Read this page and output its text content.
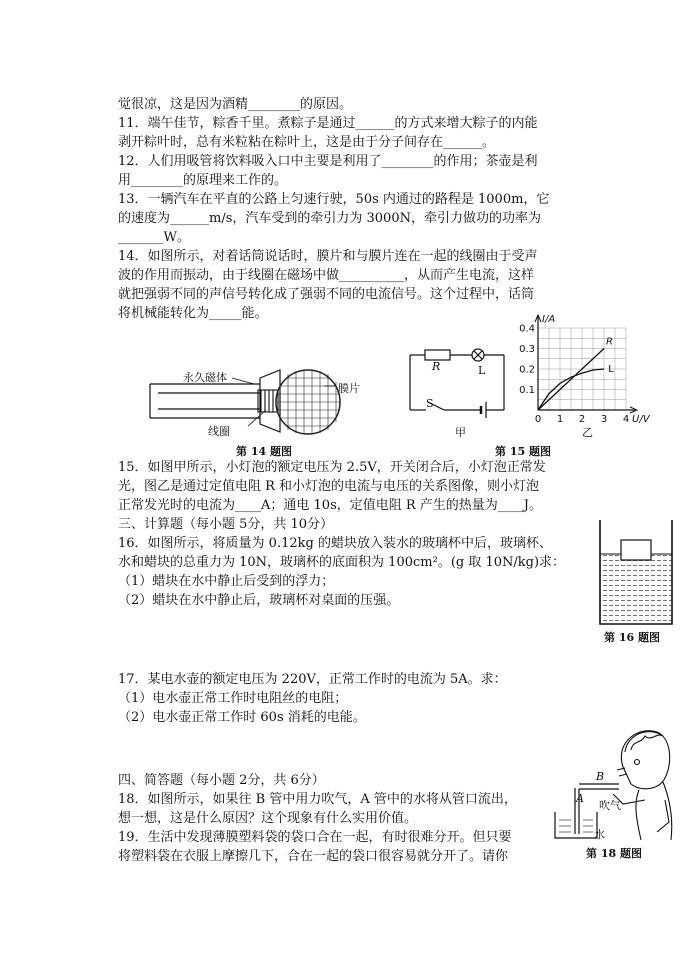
觉很凉，这是因为酒精________的原因。
11．端午佳节，粽香千里。煮粽子是通过______的方式来增大粽子的内能
剥开粽叶时，总有米粒粘在粽叶上，这是由于分子间存在______。
12．人们用吸管将饮料吸入口中主要是利用了________的作用；茶壶是利
用________的原理来工作的。
13．一辆汽车在平直的公路上匀速行驶，50s 内通过的路程是 1000m，它
的速度为______m/s，汽车受到的牵引力为 3000N，牵引力做功的功率为
_______W。
14．如图所示，对着话筒说话时，膜片和与膜片连在一起的线圈由于受声
波的作用而振动，由于线圈在磁场中做__________，从而产生电流，这样
就把强弱不同的声信号转化成了强弱不同的电流信号。这个过程中，话筒
将机械能转化为_____能。
15．如图甲所示，小灯泡的额定电压为 2.5V，开关闭合后，小灯泡正常发
光，图乙是通过定值电阻 R 和小灯泡的电流与电压的关系图像，则小灯泡
正常发光时的电流为____A；通电 10s，定值电阻 R 产生的热量为____J。
三、计算题（每小题 5分，共 10分）
16．如图所示，将质量为 0.12kg 的蜡块放入装水的玻璃杯中后，玻璃杯、
水和蜡块的总重力为 10N，玻璃杯的底面积为 100cm²。(g 取 10N/kg)求：
（1）蜡块在水中静止后受到的浮力；
（2）蜡块在水中静止后，玻璃杯对桌面的压强。
17．某电水壶的额定电压为 220V，正常工作时的电流为 5A。求：
（1）电水壶正常工作时电阻丝的电阻；
（2）电水壶正常工作时 60s 消耗的电能。
四、简答题（每小题 2分，共 6分）
18．如图所示，如果往 B 管中用力吹气，A 管中的水将从管口流出，
想一想，这是什么原因？这个现象有什么实用价值。
19．生活中发现薄膜塑料袋的袋口合在一起，有时很难分开。但只要
将塑料袋在衣服上摩擦几下，合在一起的袋口很容易就分开了。请你
永久磁体
膜片
线圈
第 14 题图
R	L
S
甲
0.4
0.3
0.2
0.1
0 1 2 3 4
I/A
U/V
R
L
乙
第 15 题图
第 16 题图
B
A
吹气
水
第 18 题图
